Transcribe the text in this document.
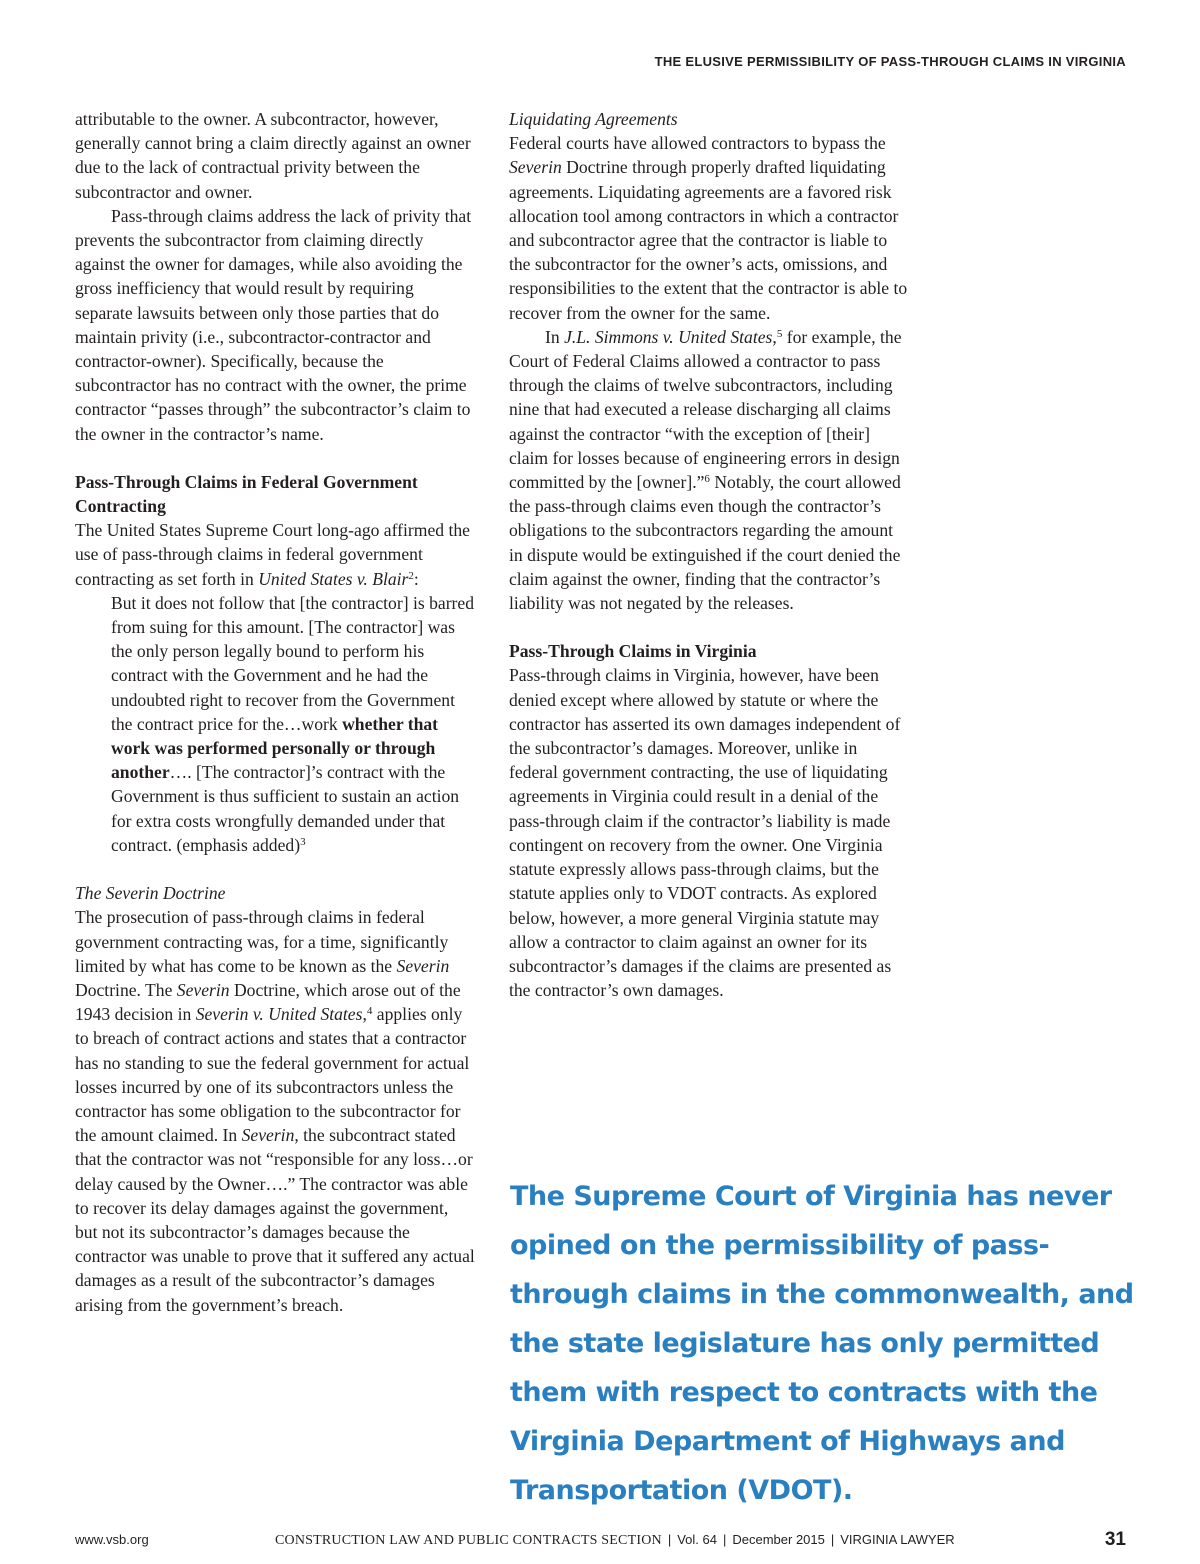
THE ELUSIVE PERMISSIBILITY OF PASS-THROUGH CLAIMS IN VIRGINIA

attributable to the owner. A subcontractor, however, generally cannot bring a claim directly against an owner due to the lack of contractual privity between the subcontractor and owner.

Pass-through claims address the lack of privity that prevents the subcontractor from claiming directly against the owner for damages, while also avoiding the gross inefficiency that would result by requiring separate lawsuits between only those parties that do maintain privity (i.e., subcontractor-contractor and contractor-owner). Specifically, because the subcontractor has no contract with the owner, the prime contractor “passes through” the subcontractor’s claim to the owner in the contractor’s name.

Pass-Through Claims in Federal Government Contracting

The United States Supreme Court long-ago affirmed the use of pass-through claims in federal government contracting as set forth in United States v. Blair$^2$:

But it does not follow that [the contractor] is barred from suing for this amount. [The contractor] was the only person legally bound to perform his contract with the Government and he had the undoubted right to recover from the Government the contract price for the…work whether that work was performed personally or through another…. [The contractor]’s contract with the Government is thus sufficient to sustain an action for extra costs wrongfully demanded under that contract. (emphasis added)$^3$

The Severin Doctrine

The prosecution of pass-through claims in federal government contracting was, for a time, significantly limited by what has come to be known as the Severin Doctrine. The Severin Doctrine, which arose out of the 1943 decision in Severin v. United States,$^4$ applies only to breach of contract actions and states that a contractor has no standing to sue the federal government for actual losses incurred by one of its subcontractors unless the contractor has some obligation to the subcontractor for the amount claimed. In Severin, the subcontract stated that the contractor was not “responsible for any loss…or delay caused by the Owner….” The contractor was able to recover its delay damages against the government, but not its subcontractor’s damages because the contractor was unable to prove that it suffered any actual damages as a result of the subcontractor’s damages arising from the government’s breach.

Liquidating Agreements

Federal courts have allowed contractors to bypass the Severin Doctrine through properly drafted liquidating agreements. Liquidating agreements are a favored risk allocation tool among contractors in which a contractor and subcontractor agree that the contractor is liable to the subcontractor for the owner’s acts, omissions, and responsibilities to the extent that the contractor is able to recover from the owner for the same.

In J.L. Simmons v. United States,$^5$ for example, the Court of Federal Claims allowed a contractor to pass through the claims of twelve subcontractors, including nine that had executed a release discharging all claims against the contractor “with the exception of [their] claim for losses because of engineering errors in design committed by the [owner].”$^6$ Notably, the court allowed the pass-through claims even though the contractor’s obligations to the subcontractors regarding the amount in dispute would be extinguished if the court denied the claim against the owner, finding that the contractor’s liability was not negated by the releases.

Pass-Through Claims in Virginia

Pass-through claims in Virginia, however, have been denied except where allowed by statute or where the contractor has asserted its own damages independent of the subcontractor’s damages. Moreover, unlike in federal government contracting, the use of liquidating agreements in Virginia could result in a denial of the pass-through claim if the contractor’s liability is made contingent on recovery from the owner. One Virginia statute expressly allows pass-through claims, but the statute applies only to VDOT contracts. As explored below, however, a more general Virginia statute may allow a contractor to claim against an owner for its subcontractor’s damages if the claims are presented as the contractor’s own damages.

The Supreme Court of Virginia has never opined on the permissibility of pass-through claims in the commonwealth, and the state legislature has only permitted them with respect to contracts with the Virginia Department of Highways and Transportation (VDOT).
www.vsb.org	CONSTRUCTION LAW AND PUBLIC CONTRACTS SECTION | Vol. 64 | December 2015 | VIRGINIA LAWYER	31
